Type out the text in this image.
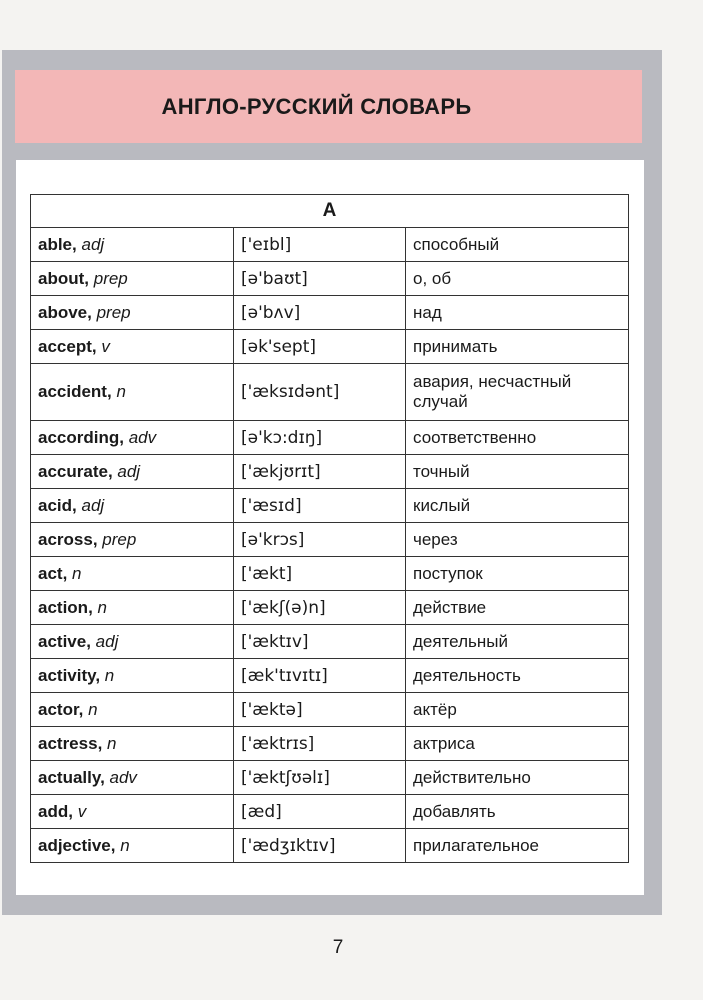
АНГЛО-РУССКИЙ СЛОВАРЬ
A		
able, adj	['eɪbl]	способный
about, prep	[ə'baʊt]	о, об
above, prep	[ə'bʌv]	над
accept, v	[ək'sept]	принимать
accident, n	['æksɪdənt]	авария, несчастный случай
according, adv	[ə'kɔ:dɪŋ]	соответственно
accurate, adj	['ækjʊrɪt]	точный
acid, adj	['æsɪd]	кислый
across, prep	[ə'krɔs]	через
act, n	['ækt]	поступок
action, n	['ækʃ(ə)n]	действие
active, adj	['æktɪv]	деятельный
activity, n	[æk'tɪvɪtɪ]	деятельность
actor, n	['æktə]	актёр
actress, n	['æktrɪs]	актриса
actually, adv	['æktʃʊəlɪ]	действительно
add, v	[æd]	добавлять
adjective, n	['ædʒɪktɪv]	прилагательное
7
